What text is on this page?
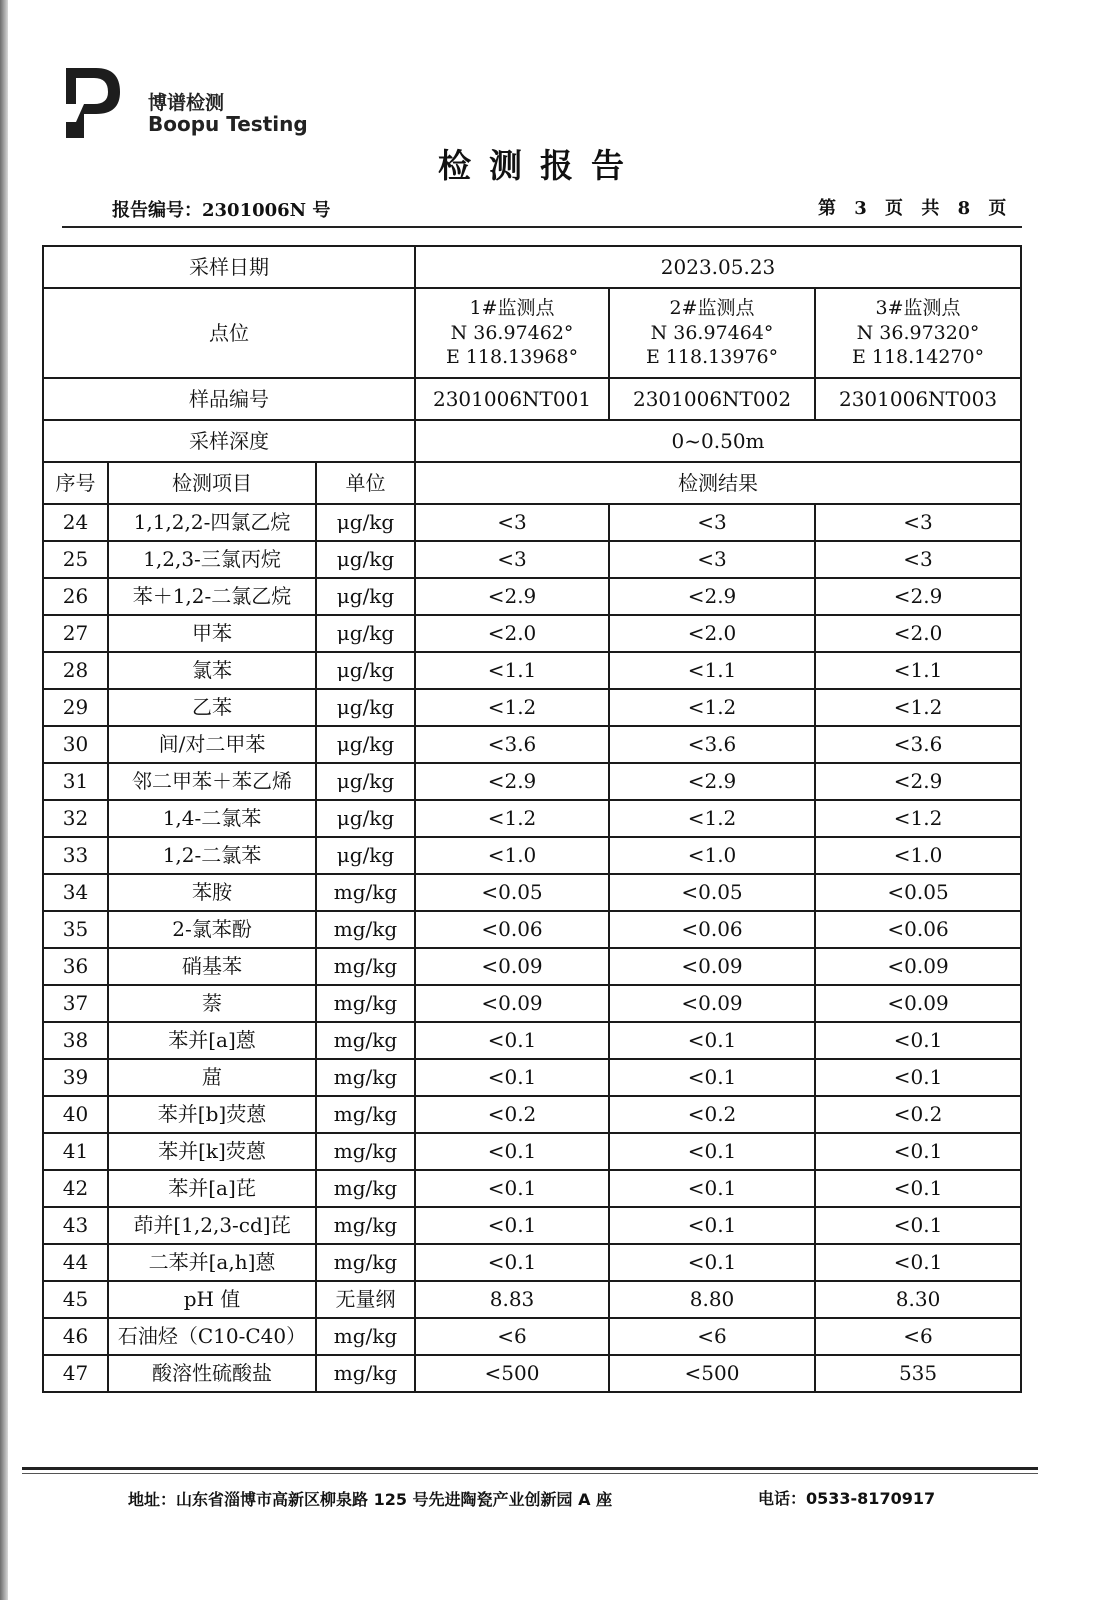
博谱检测
Boopu Testing
检测报告
报告编号：2301006N 号	第 3 页 共 8 页
采样日期			2023.05.23		
点位			1#监测点
N 36.97462°
E 118.13968°	2#监测点
N 36.97464°
E 118.13976°	3#监测点
N 36.97320°
E 118.14270°

样品编号			2301006NT001	2301006NT002	2301006NT003
采样深度			0~0.50m		
序号	检测项目	单位	检测结果		
24	1,1,2,2-四氯乙烷	μg/kg	<3	<3	<3
25	1,2,3-三氯丙烷	μg/kg	<3	<3	<3
26	苯＋1,2-二氯乙烷	μg/kg	<2.9	<2.9	<2.9
27	甲苯	μg/kg	<2.0	<2.0	<2.0
28	氯苯	μg/kg	<1.1	<1.1	<1.1
29	乙苯	μg/kg	<1.2	<1.2	<1.2
30	间/对二甲苯	μg/kg	<3.6	<3.6	<3.6
31	邻二甲苯＋苯乙烯	μg/kg	<2.9	<2.9	<2.9
32	1,4-二氯苯	μg/kg	<1.2	<1.2	<1.2
33	1,2-二氯苯	μg/kg	<1.0	<1.0	<1.0
34	苯胺	mg/kg	<0.05	<0.05	<0.05
35	2-氯苯酚	mg/kg	<0.06	<0.06	<0.06
36	硝基苯	mg/kg	<0.09	<0.09	<0.09
37	萘	mg/kg	<0.09	<0.09	<0.09
38	苯并[a]蒽	mg/kg	<0.1	<0.1	<0.1
39	䓛	mg/kg	<0.1	<0.1	<0.1
40	苯并[b]荧蒽	mg/kg	<0.2	<0.2	<0.2
41	苯并[k]荧蒽	mg/kg	<0.1	<0.1	<0.1
42	苯并[a]芘	mg/kg	<0.1	<0.1	<0.1
43	茚并[1,2,3-cd]芘	mg/kg	<0.1	<0.1	<0.1
44	二苯并[a,h]蒽	mg/kg	<0.1	<0.1	<0.1
45	pH 值	无量纲	8.83	8.80	8.30
46	石油烃（C10-C40）	mg/kg	<6	<6	<6
47	酸溶性硫酸盐	mg/kg	<500	<500	535
地址：山东省淄博市高新区柳泉路 125 号先进陶瓷产业创新园 A 座	电话：0533-8170917
